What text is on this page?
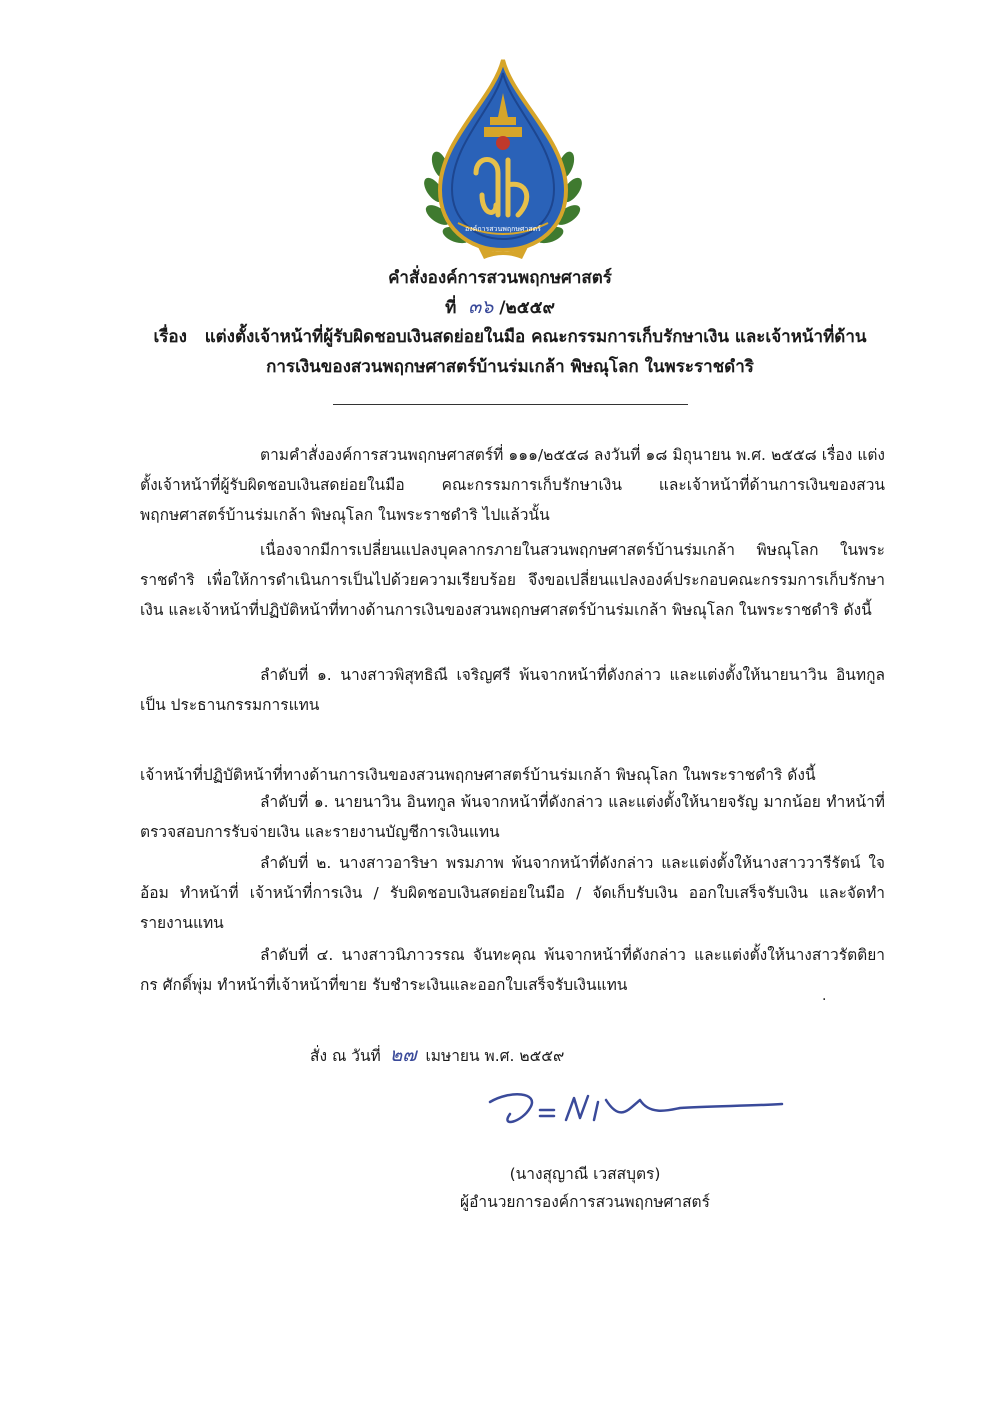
องค์การสวนพฤกษศาสตร์
คำสั่งองค์การสวนพฤกษศาสตร์
ที่ ๓๖ /๒๕๕๙
เรื่อง แต่งตั้งเจ้าหน้าที่ผู้รับผิดชอบเงินสดย่อยในมือ คณะกรรมการเก็บรักษาเงิน และเจ้าหน้าที่ด้านการเงินของสวนพฤกษศาสตร์บ้านร่มเกล้า พิษณุโลก ในพระราชดำริ
ตามคำสั่งองค์การสวนพฤกษศาสตร์ที่ ๑๑๑/๒๕๕๘ ลงวันที่ ๑๘ มิถุนายน พ.ศ. ๒๕๕๘ เรื่อง แต่งตั้งเจ้าหน้าที่ผู้รับผิดชอบเงินสดย่อยในมือ คณะกรรมการเก็บรักษาเงิน และเจ้าหน้าที่ด้านการเงินของสวนพฤกษศาสตร์บ้านร่มเกล้า พิษณุโลก ในพระราชดำริ ไปแล้วนั้น
เนื่องจากมีการเปลี่ยนแปลงบุคลากรภายในสวนพฤกษศาสตร์บ้านร่มเกล้า พิษณุโลก ในพระราชดำริ เพื่อให้การดำเนินการเป็นไปด้วยความเรียบร้อย จึงขอเปลี่ยนแปลงองค์ประกอบคณะกรรมการเก็บรักษาเงิน และเจ้าหน้าที่ปฏิบัติหน้าที่ทางด้านการเงินของสวนพฤกษศาสตร์บ้านร่มเกล้า พิษณุโลก ในพระราชดำริ ดังนี้
ลำดับที่ ๑. นางสาวพิสุทธิณี เจริญศรี พ้นจากหน้าที่ดังกล่าว และแต่งตั้งให้นายนาวิน อินทกูล เป็น ประธานกรรมการแทน
เจ้าหน้าที่ปฏิบัติหน้าที่ทางด้านการเงินของสวนพฤกษศาสตร์บ้านร่มเกล้า พิษณุโลก ในพระราชดำริ ดังนี้
ลำดับที่ ๑. นายนาวิน อินทกูล พ้นจากหน้าที่ดังกล่าว และแต่งตั้งให้นายจรัญ มากน้อย ทำหน้าที่ ตรวจสอบการรับจ่ายเงิน และรายงานบัญชีการเงินแทน
ลำดับที่ ๒. นางสาวอาริษา พรมภาพ พ้นจากหน้าที่ดังกล่าว และแต่งตั้งให้นางสาววารีรัตน์ ใจอ้อม ทำหน้าที่ เจ้าหน้าที่การเงิน / รับผิดชอบเงินสดย่อยในมือ / จัดเก็บรับเงิน ออกใบเสร็จรับเงิน และจัดทำรายงานแทน
ลำดับที่ ๔. นางสาวนิภาวรรณ จันทะคุณ พ้นจากหน้าที่ดังกล่าว และแต่งตั้งให้นางสาวรัตติยากร ศักดิ์พุ่ม ทำหน้าที่เจ้าหน้าที่ขาย รับชำระเงินและออกใบเสร็จรับเงินแทน
.
สั่ง ณ วันที่ ๒๗ เมษายน พ.ศ. ๒๕๕๙
(นางสุญาณี เวสสบุตร)
ผู้อำนวยการองค์การสวนพฤกษศาสตร์
